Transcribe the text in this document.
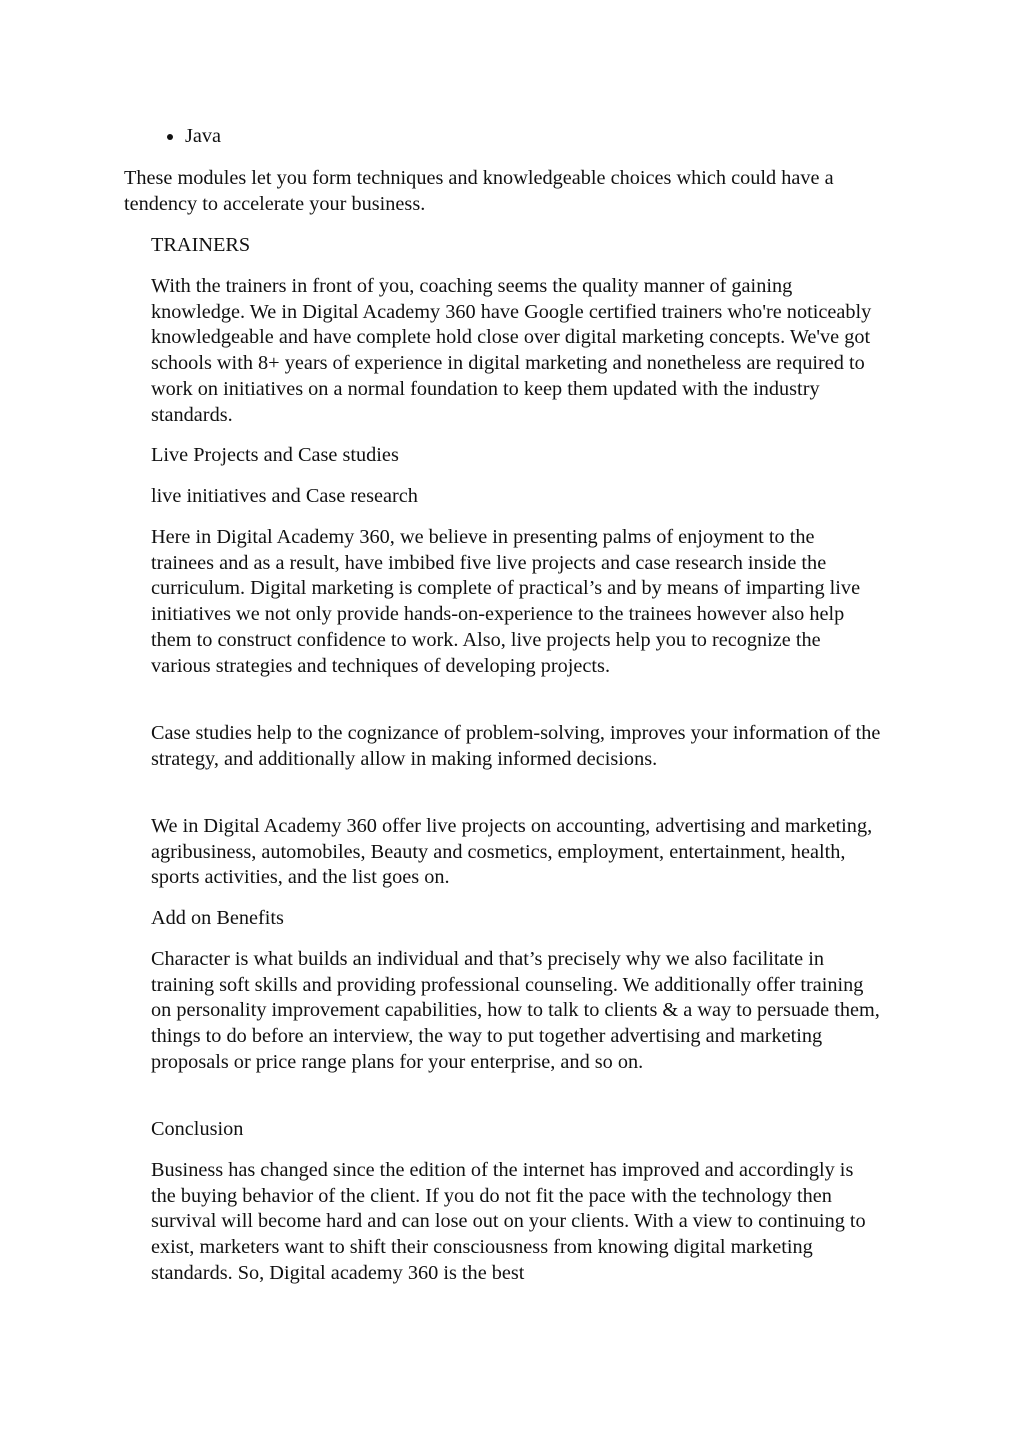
Java

These modules let you form techniques and knowledgeable choices which could have a tendency to accelerate your business.

TRAINERS

With the trainers in front of you, coaching seems the quality manner of gaining knowledge. We in Digital Academy 360 have Google certified trainers who're noticeably knowledgeable and have complete hold close over digital marketing concepts. We've got schools with 8+ years of experience in digital marketing and nonetheless are required to work on initiatives on a normal foundation to keep them updated with the industry standards.

Live Projects and Case studies

live initiatives and Case research

Here in Digital Academy 360, we believe in presenting palms of enjoyment to the trainees and as a result, have imbibed five live projects and case research inside the curriculum. Digital marketing is complete of practical’s and by means of imparting live initiatives we not only provide hands-on-experience to the trainees however also help them to construct confidence to work. Also, live projects help you to recognize the various strategies and techniques of developing projects.

Case studies help to the cognizance of problem-solving, improves your information of the strategy, and additionally allow in making informed decisions.

We in Digital Academy 360 offer live projects on accounting, advertising and marketing, agribusiness, automobiles, Beauty and cosmetics, employment, entertainment, health, sports activities, and the list goes on.

Add on Benefits

Character is what builds an individual and that’s precisely why we also facilitate in training soft skills and providing professional counseling. We additionally offer training on personality improvement capabilities, how to talk to clients & a way to persuade them, things to do before an interview, the way to put together advertising and marketing proposals or price range plans for your enterprise, and so on.

Conclusion

Business has changed since the edition of the internet has improved and accordingly is the buying behavior of the client. If you do not fit the pace with the technology then survival will become hard and can lose out on your clients. With a view to continuing to exist, marketers want to shift their consciousness from knowing digital marketing standards. So, Digital academy 360 is the best
